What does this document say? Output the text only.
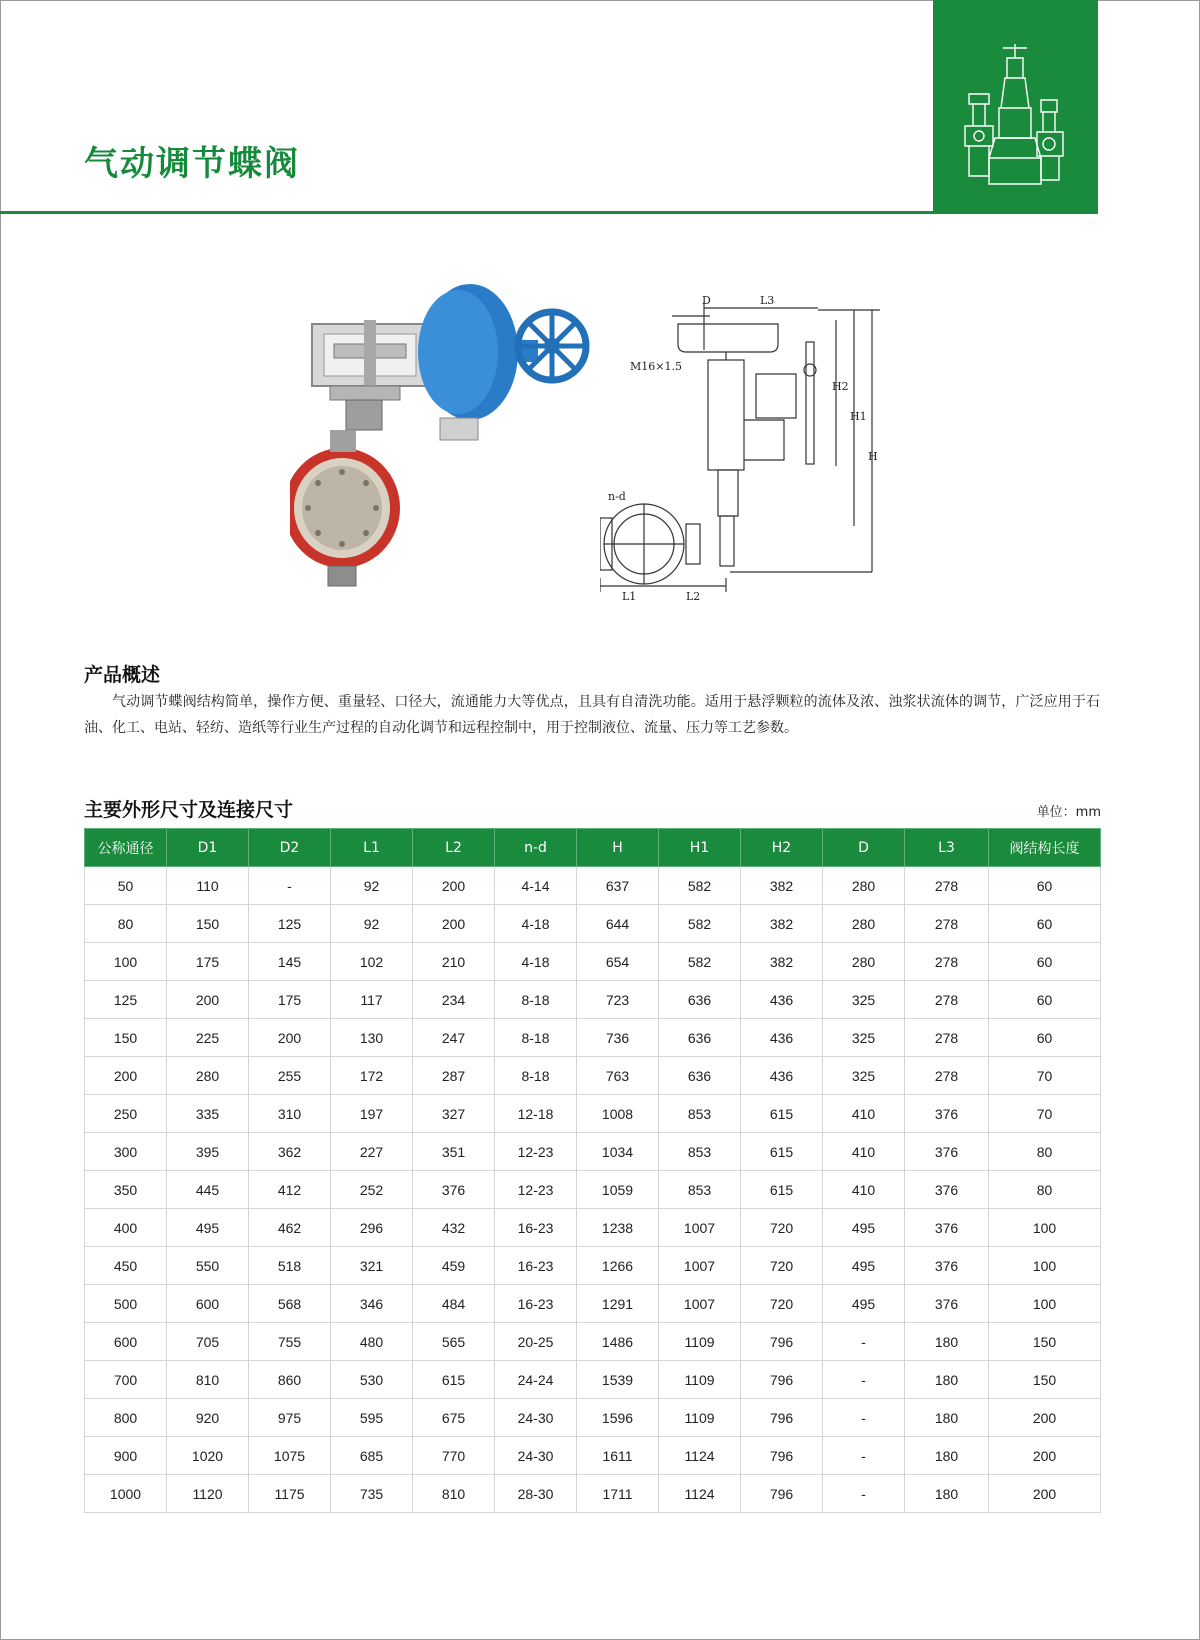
气动调节蝶阀
D	L3
M16×1.5
H2
H1
H
n-d
L1	L2
产品概述
气动调节蝶阀结构简单，操作方便、重量轻、口径大，流通能力大等优点，且具有自清洗功能。适用于悬浮颗粒的流体及浓、浊浆状流体的调节，广泛应用于石油、化工、电站、轻纺、造纸等行业生产过程的自动化调节和远程控制中，用于控制液位、流量、压力等工艺参数。
主要外形尺寸及连接尺寸	单位：mm
公称通径	D1	D2	L1	L2	n-d	H	H1	H2	D	L3	阀结构长度
50	110	-	92	200	4-14	637	582	382	280	278	60
80	150	125	92	200	4-18	644	582	382	280	278	60
100	175	145	102	210	4-18	654	582	382	280	278	60
125	200	175	117	234	8-18	723	636	436	325	278	60
150	225	200	130	247	8-18	736	636	436	325	278	60
200	280	255	172	287	8-18	763	636	436	325	278	70
250	335	310	197	327	12-18	1008	853	615	410	376	70
300	395	362	227	351	12-23	1034	853	615	410	376	80
350	445	412	252	376	12-23	1059	853	615	410	376	80
400	495	462	296	432	16-23	1238	1007	720	495	376	100
450	550	518	321	459	16-23	1266	1007	720	495	376	100
500	600	568	346	484	16-23	1291	1007	720	495	376	100
600	705	755	480	565	20-25	1486	1109	796	-	180	150
700	810	860	530	615	24-24	1539	1109	796	-	180	150
800	920	975	595	675	24-30	1596	1109	796	-	180	200
900	1020	1075	685	770	24-30	1611	1124	796	-	180	200
1000	1120	1175	735	810	28-30	1711	1124	796	-	180	200
